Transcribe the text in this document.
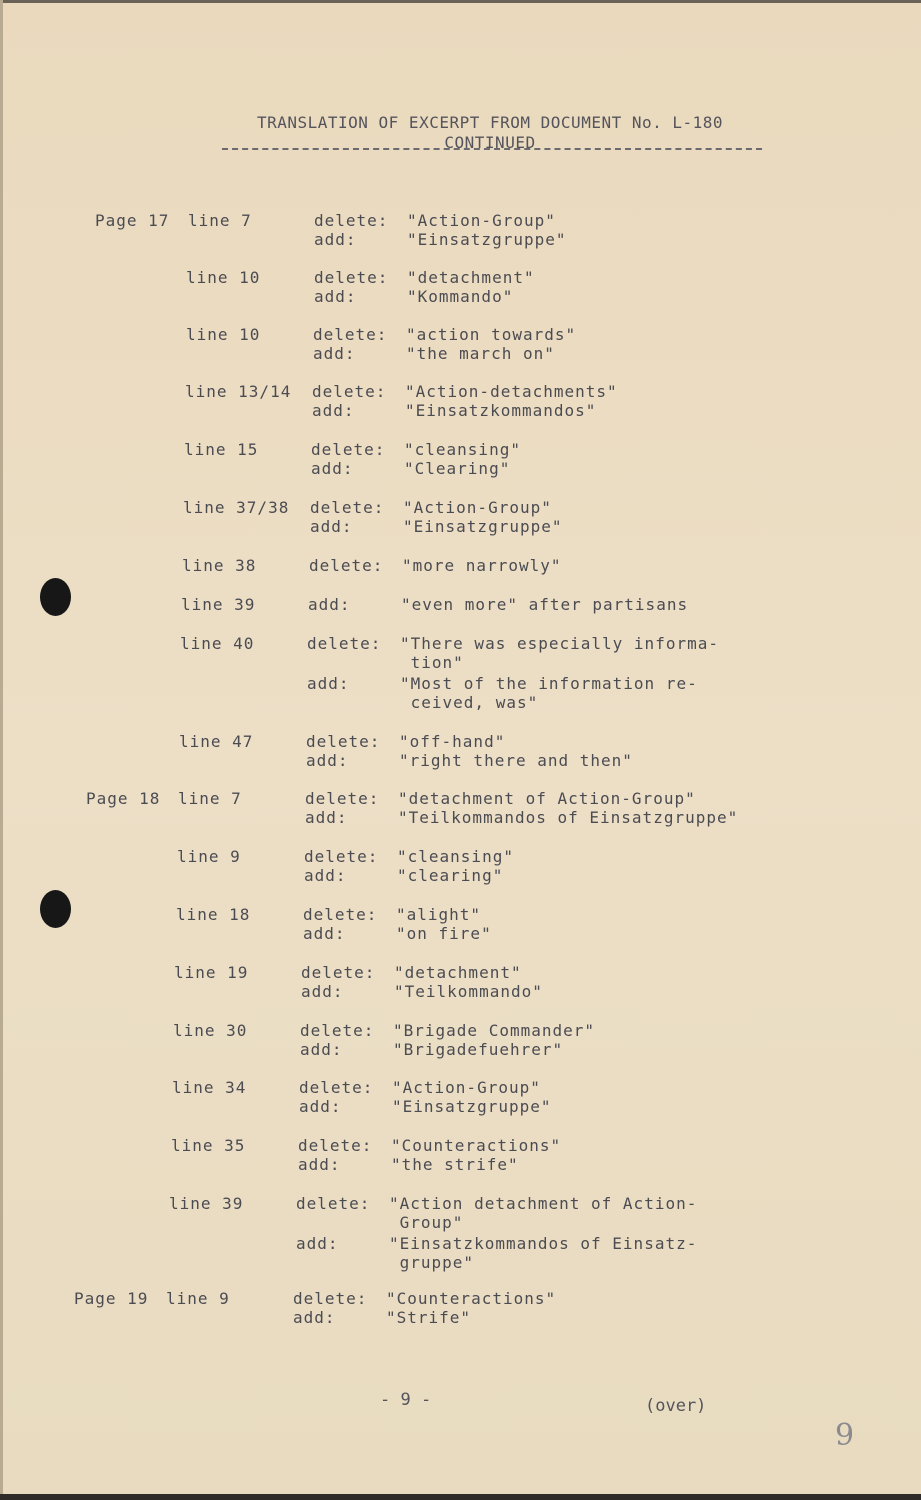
TRANSLATION OF EXCERPT FROM DOCUMENT No. L-180
CONTINUED
Page 17 line 7	delete: "Action-Group"
add:	"Einsatzgruppe"
line 10	delete: "detachment"
add:	"Kommando"
line 10	delete: "action towards"
add:	"the march on"
line 13/14 delete: "Action-detachments"
add:	"Einsatzkommandos"
line 15	delete: "cleansing"
add:	"Clearing"
line 37/38 delete: "Action-Group"
add:	"Einsatzgruppe"
line 38	delete: "more narrowly"
line 39	add:	"even more" after partisans
line 40	delete: "There was especially informa-
tion"
add:	"Most of the information re-
ceived, was"
line 47	delete: "off-hand"
add:	"right there and then"
Page 18 line 7	delete: "detachment of Action-Group"
add:	"Teilkommandos of Einsatzgruppe"
line 9	delete: "cleansing"
add:	"clearing"
line 18	delete: "alight"
add:	"on fire"
line 19	delete: "detachment"
add:	"Teilkommando"
line 30	delete: "Brigade Commander"
add:	"Brigadefuehrer"
line 34	delete: "Action-Group"
add:	"Einsatzgruppe"
line 35	delete: "Counteractions"
add:	"the strife"
line 39	delete: "Action detachment of Action-
Group"
add:	"Einsatzkommandos of Einsatz-
gruppe"
Page 19 line 9	delete: "Counteractions"
add:	"Strife"
- 9 -	(over)
9
